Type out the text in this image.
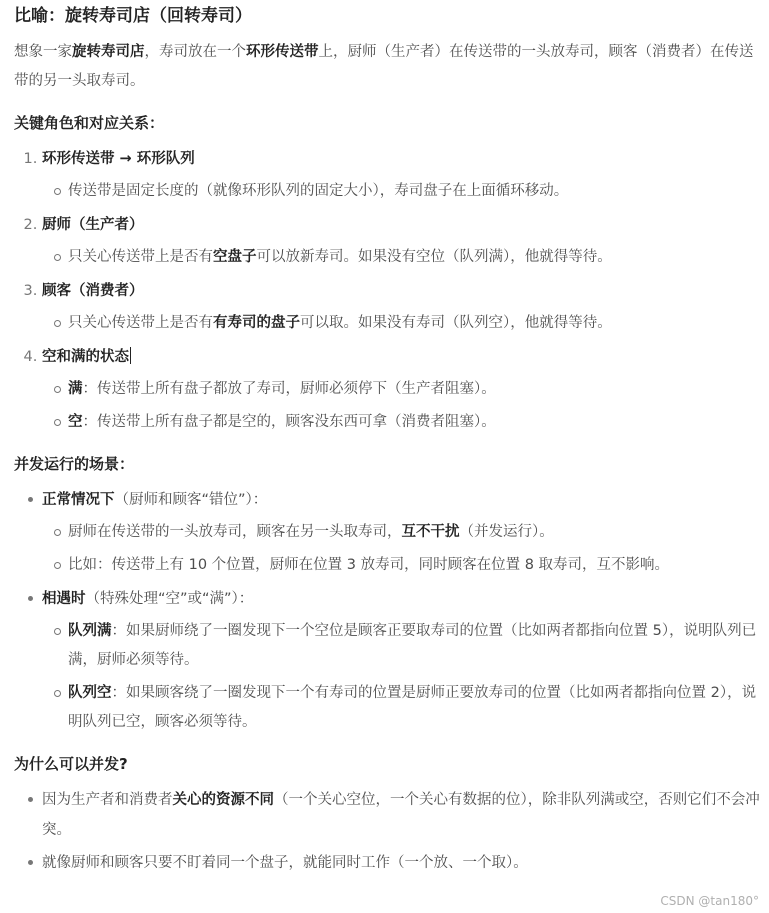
比喻：旋转寿司店（回转寿司）

想象一家旋转寿司店，寿司放在一个环形传送带上，厨师（生产者）在传送带的一头放寿司，顾客（消费者）在传送带的另一头取寿司。

关键角色和对应关系：
1. 环形传送带 → 环形队列
传送带是固定长度的（就像环形队列的固定大小），寿司盘子在上面循环移动。
2. 厨师（生产者）
只关心传送带上是否有空盘子可以放新寿司。如果没有空位（队列满），他就得等待。
3. 顾客（消费者）
只关心传送带上是否有有寿司的盘子可以取。如果没有寿司（队列空），他就得等待。
4. 空和满的状态
满：传送带上所有盘子都放了寿司，厨师必须停下（生产者阻塞）。
空：传送带上所有盘子都是空的，顾客没东西可拿（消费者阻塞）。
并发运行的场景：
正常情况下（厨师和顾客“错位”）：
厨师在传送带的一头放寿司，顾客在另一头取寿司，互不干扰（并发运行）。
比如：传送带上有 10 个位置，厨师在位置 3 放寿司，同时顾客在位置 8 取寿司，互不影响。
相遇时（特殊处理“空”或“满”）：
队列满：如果厨师绕了一圈发现下一个空位是顾客正要取寿司的位置（比如两者都指向位置 5），说明队列已满，厨师必须等待。
队列空：如果顾客绕了一圈发现下一个有寿司的位置是厨师正要放寿司的位置（比如两者都指向位置 2），说明队列已空，顾客必须等待。
为什么可以并发?
因为生产者和消费者关心的资源不同（一个关心空位，一个关心有数据的位），除非队列满或空，否则它们不会冲突。
就像厨师和顾客只要不盯着同一个盘子，就能同时工作（一个放、一个取）。
CSDN @tan180°
